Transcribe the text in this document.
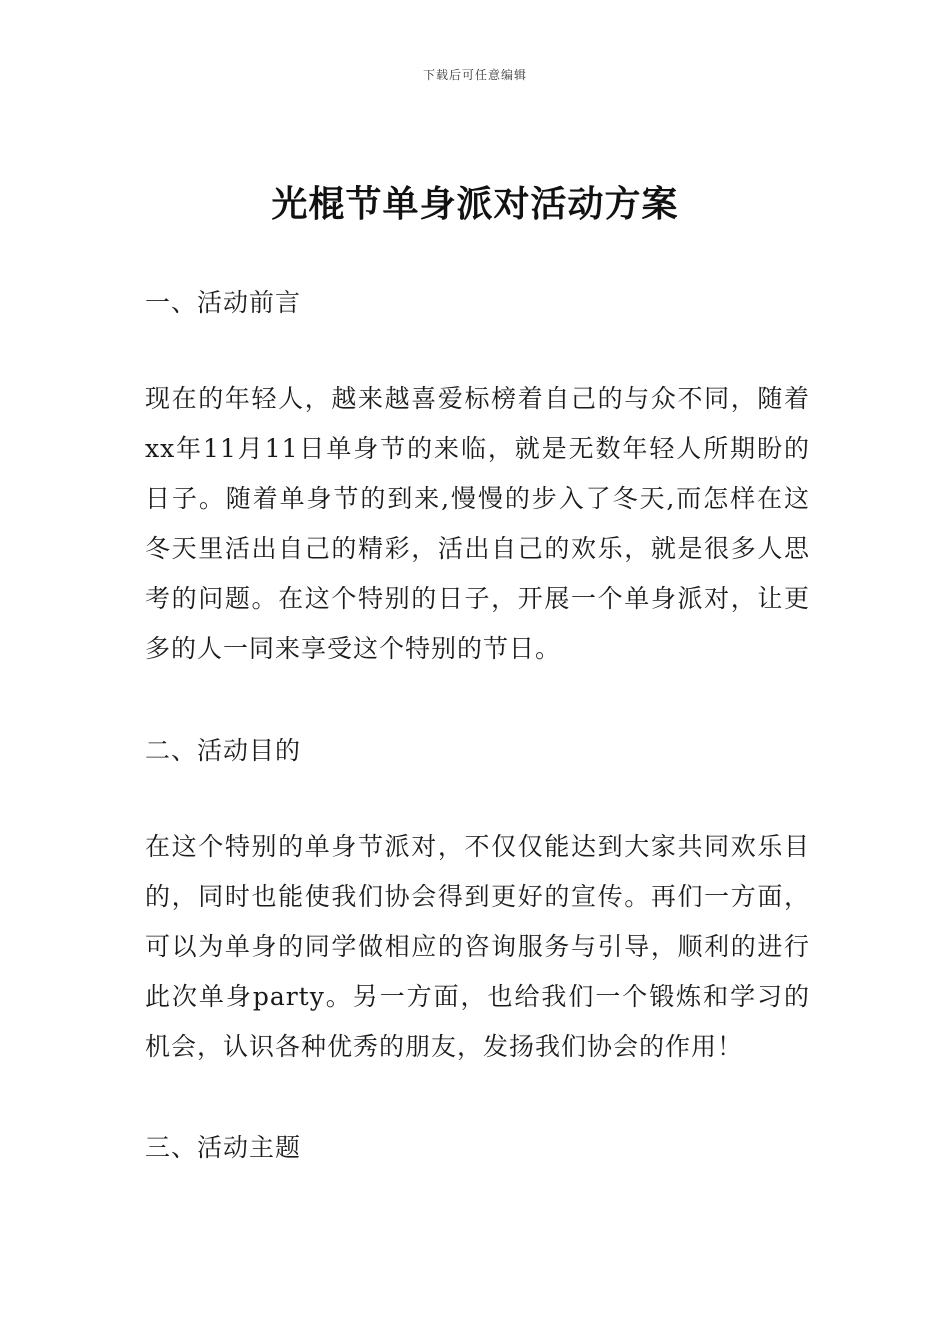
下载后可任意编辑
光棍节单身派对活动方案
一、活动前言
现在的年轻人，越来越喜爱标榜着自己的与众不同，随着xx年11月11日单身节的来临，就是无数年轻人所期盼的日子。随着单身节的到来,慢慢的步入了冬天,而怎样在这冬天里活出自己的精彩，活出自己的欢乐，就是很多人思考的问题。在这个特别的日子，开展一个单身派对，让更多的人一同来享受这个特别的节日。
二、活动目的
在这个特别的单身节派对，不仅仅能达到大家共同欢乐目的，同时也能使我们协会得到更好的宣传。再们一方面，可以为单身的同学做相应的咨询服务与引导，顺利的进行此次单身party。另一方面，也给我们一个锻炼和学习的机会，认识各种优秀的朋友，发扬我们协会的作用！
三、活动主题
